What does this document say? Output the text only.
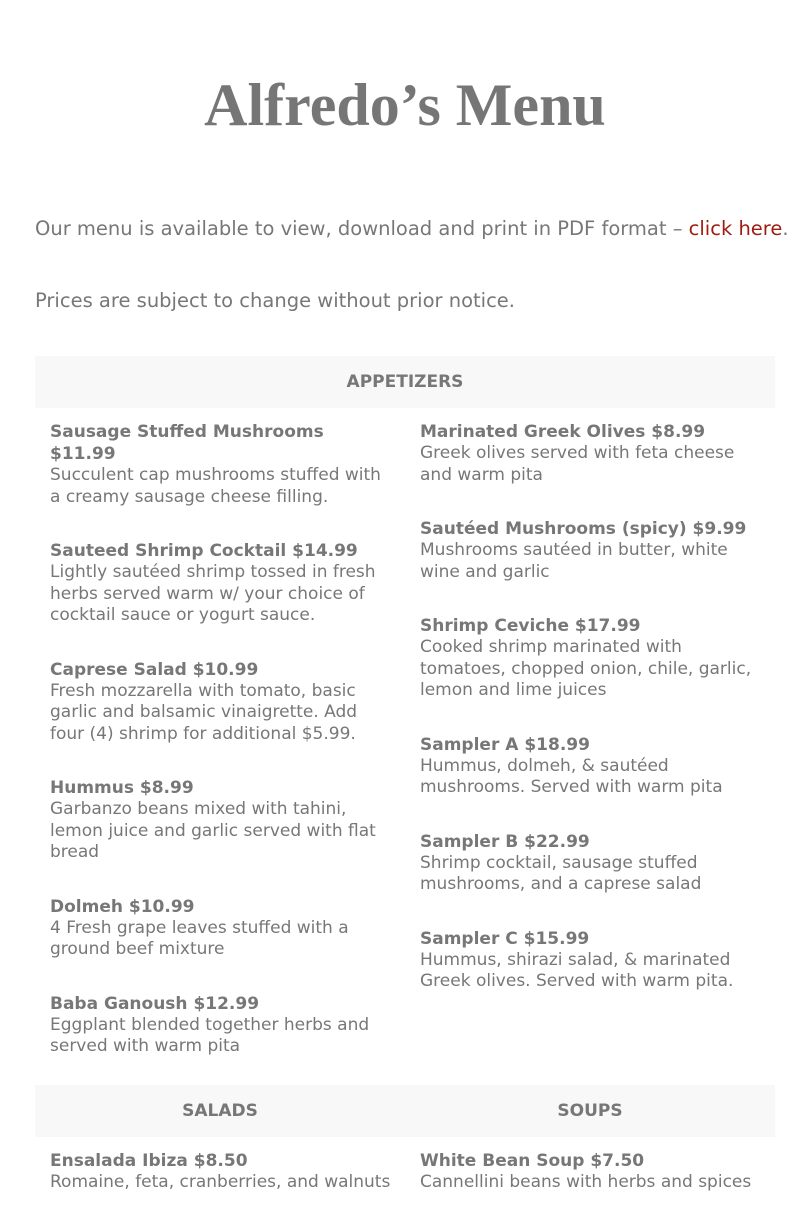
Alfredo’s Menu
Our menu is available to view, download and print in PDF format – click here.
Prices are subject to change without prior notice.
APPETIZERS
Sausage Stuffed Mushrooms $11.99
Succulent cap mushrooms stuffed with a creamy sausage cheese filling.
Sauteed Shrimp Cocktail $14.99
Lightly sautéed shrimp tossed in fresh herbs served warm w/ your choice of cocktail sauce or yogurt sauce.
Caprese Salad $10.99
Fresh mozzarella with tomato, basic garlic and balsamic vinaigrette. Add four (4) shrimp for additional $5.99.
Hummus $8.99
Garbanzo beans mixed with tahini, lemon juice and garlic served with flat bread
Dolmeh $10.99
4 Fresh grape leaves stuffed with a ground beef mixture
Baba Ganoush $12.99
Eggplant blended together herbs and served with warm pita
Marinated Greek Olives $8.99
Greek olives served with feta cheese and warm pita
Sautéed Mushrooms (spicy) $9.99
Mushrooms sautéed in butter, white wine and garlic
Shrimp Ceviche $17.99
Cooked shrimp marinated with tomatoes, chopped onion, chile, garlic, lemon and lime juices
Sampler A $18.99
Hummus, dolmeh, & sautéed mushrooms. Served with warm pita
Sampler B $22.99
Shrimp cocktail, sausage stuffed mushrooms, and a caprese salad
Sampler C $15.99
Hummus, shirazi salad, & marinated Greek olives. Served with warm pita.
SALADS	SOUPS
Ensalada Ibiza $8.50
Romaine, feta, cranberries, and walnuts
White Bean Soup $7.50
Cannellini beans with herbs and spices
